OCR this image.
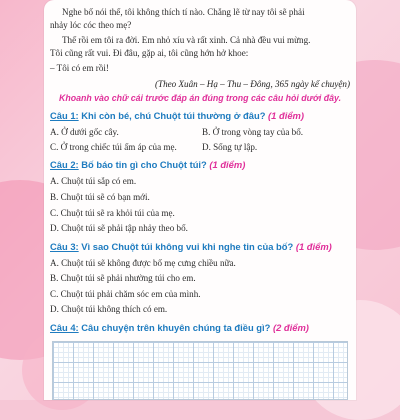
Nghe bố nói thế, tôi không thích tí nào. Chẳng lẽ từ nay tôi sẽ phải

nhảy lóc cóc theo mẹ?

Thế rồi em tôi ra đời. Em nhỏ xíu và rất xinh. Cả nhà đều vui mừng.

Tôi cũng rất vui. Đi đâu, gặp ai, tôi cũng hớn hở khoe:

– Tôi có em rồi!

(Theo Xuân – Hạ – Thu – Đông, 365 ngày kể chuyện)

Khoanh vào chữ cái trước đáp án đúng trong các câu hỏi dưới đây.

Câu 1: Khi còn bé, chú Chuột túi thường ở đâu? (1 điểm)
A. Ở dưới gốc cây.	B. Ở trong vòng tay của bố.
C. Ở trong chiếc túi ấm áp của mẹ.	D. Sống tự lập.
Câu 2: Bố báo tin gì cho Chuột túi? (1 điểm)

A. Chuột túi sắp có em.

B. Chuột túi sẽ có bạn mới.

C. Chuột túi sẽ ra khỏi túi của mẹ.

D. Chuột túi sẽ phải tập nhảy theo bố.

Câu 3: Vì sao Chuột túi không vui khi nghe tin của bố? (1 điểm)

A. Chuột túi sẽ không được bố mẹ cưng chiều nữa.

B. Chuột túi sẽ phải nhường túi cho em.

C. Chuột túi phải chăm sóc em của mình.

D. Chuột túi không thích có em.

Câu 4: Câu chuyện trên khuyên chúng ta điều gì? (2 điểm)
